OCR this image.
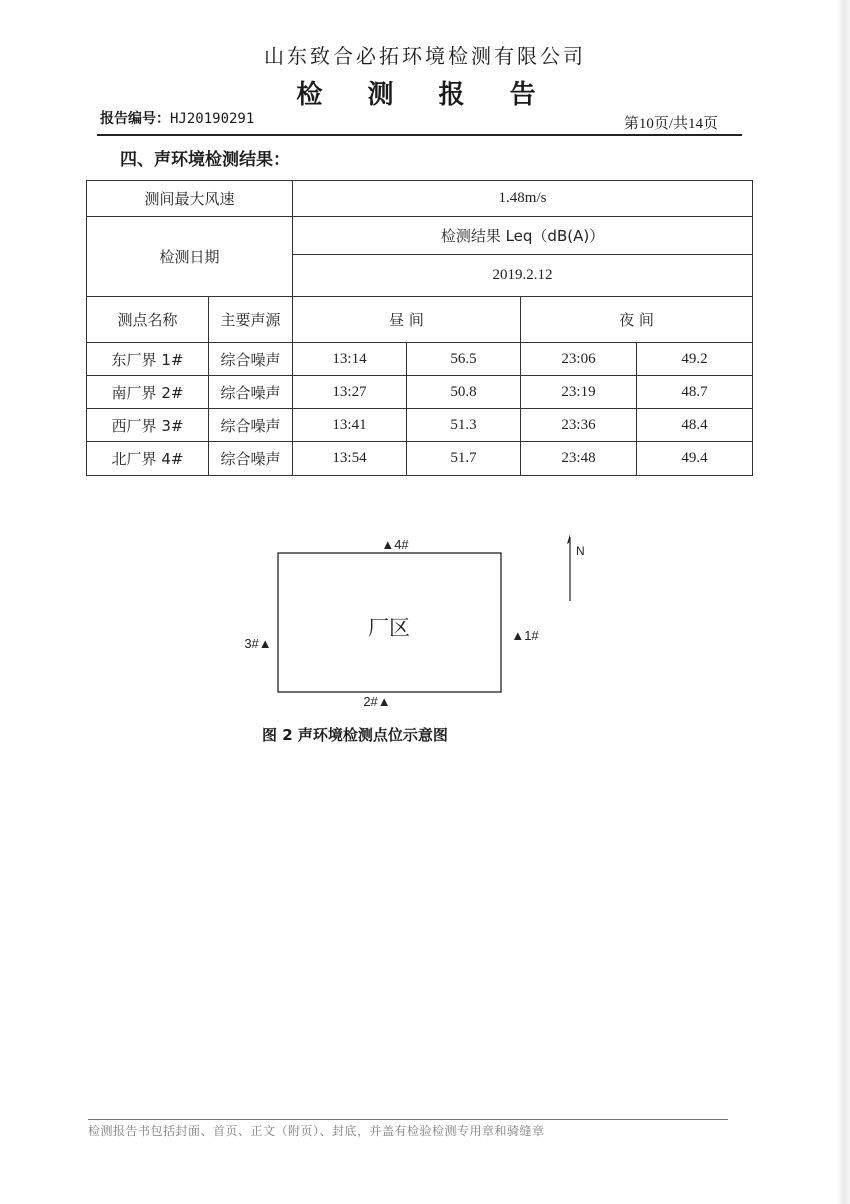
山东致合必拓环境检测有限公司
检 测 报 告
报告编号：HJ20190291	第10页/共14页
四、声环境检测结果：
测间最大风速		1.48m/s			
检测日期		检测结果 Leq（dB(A)）			
		2019.2.12			
测点名称	主要声源	昼 间		夜 间	
东厂界 1#	综合噪声	13:14	56.5	23:06	49.2
南厂界 2#	综合噪声	13:27	50.8	23:19	48.7
西厂界 3#	综合噪声	13:41	51.3	23:36	48.4
北厂界 4#	综合噪声	13:54	51.7	23:48	49.4
厂区
▲4#
▲1#
3#▲
2#▲
N
图 2 声环境检测点位示意图
检测报告书包括封面、首页、正文（附页）、封底，并盖有检验检测专用章和骑缝章
